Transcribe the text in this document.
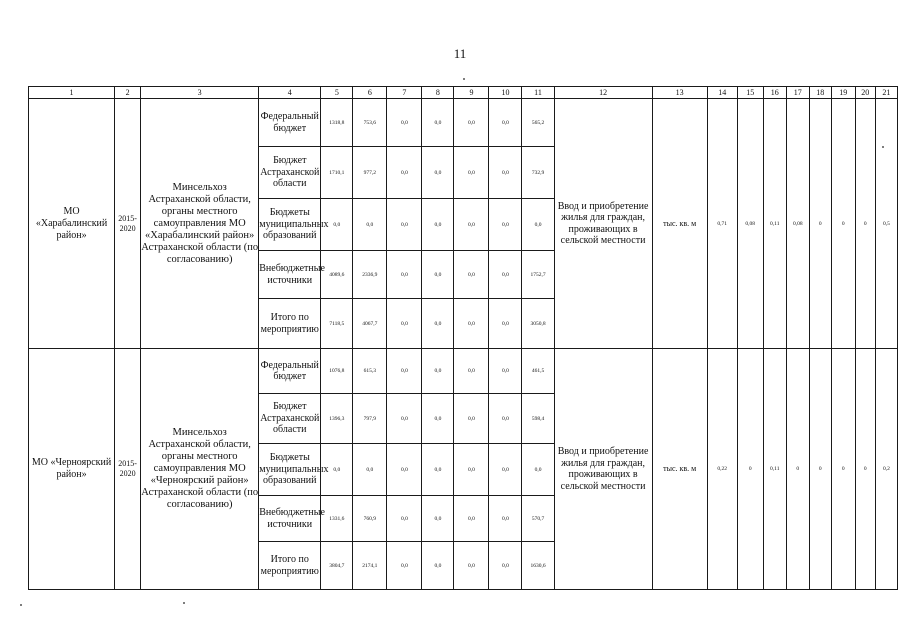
11
1	2	3	4	5	6	7	8	9	10	11	12	13	14	15	16	17	18	19	20	21
МО «Харабалинский район»	2015-2020	Минсельхоз Астраханской области, органы местного самоуправления МО «Харабалинский район» Астраханской области (по согласованию)	Федеральный бюджет	1318,8	753,6	0,0	0,0	0,0	0,0	565,2	Ввод и приобретение жилья для граждан, проживающих в сельской местности	тыс. кв. м	0,71	0,08	0,11	0,08	0	0	0	0,5
			Бюджет Астраханской области	1710,1	977,2	0,0	0,0	0,0	0,0	732,9										
			Бюджеты муниципальных образований	0,0	0,0	0,0	0,0	0,0	0,0	0,0										
			Внебюджетные источники	4089,6	2336,9	0,0	0,0	0,0	0,0	1752,7										
			Итого по мероприятию	7118,5	4067,7	0,0	0,0	0,0	0,0	3050,8										
МО «Черноярский район»	2015-2020	Минсельхоз Астраханской области, органы местного самоуправления МО «Черноярский район» Астраханской области (по согласованию)	Федеральный бюджет	1076,8	615,3	0,0	0,0	0,0	0,0	461,5	Ввод и приобретение жилья для граждан, проживающих в сельской местности	тыс. кв. м	0,22	0	0,11	0	0	0	0	0,2
			Бюджет Астраханской области	1396,3	797,9	0,0	0,0	0,0	0,0	598,4										
			Бюджеты муниципальных образований	0,0	0,0	0,0	0,0	0,0	0,0	0,0										
			Внебюджетные источники	1331,6	760,9	0,0	0,0	0,0	0,0	570,7										
			Итого по мероприятию	3804,7	2174,1	0,0	0,0	0,0	0,0	1630,6										
